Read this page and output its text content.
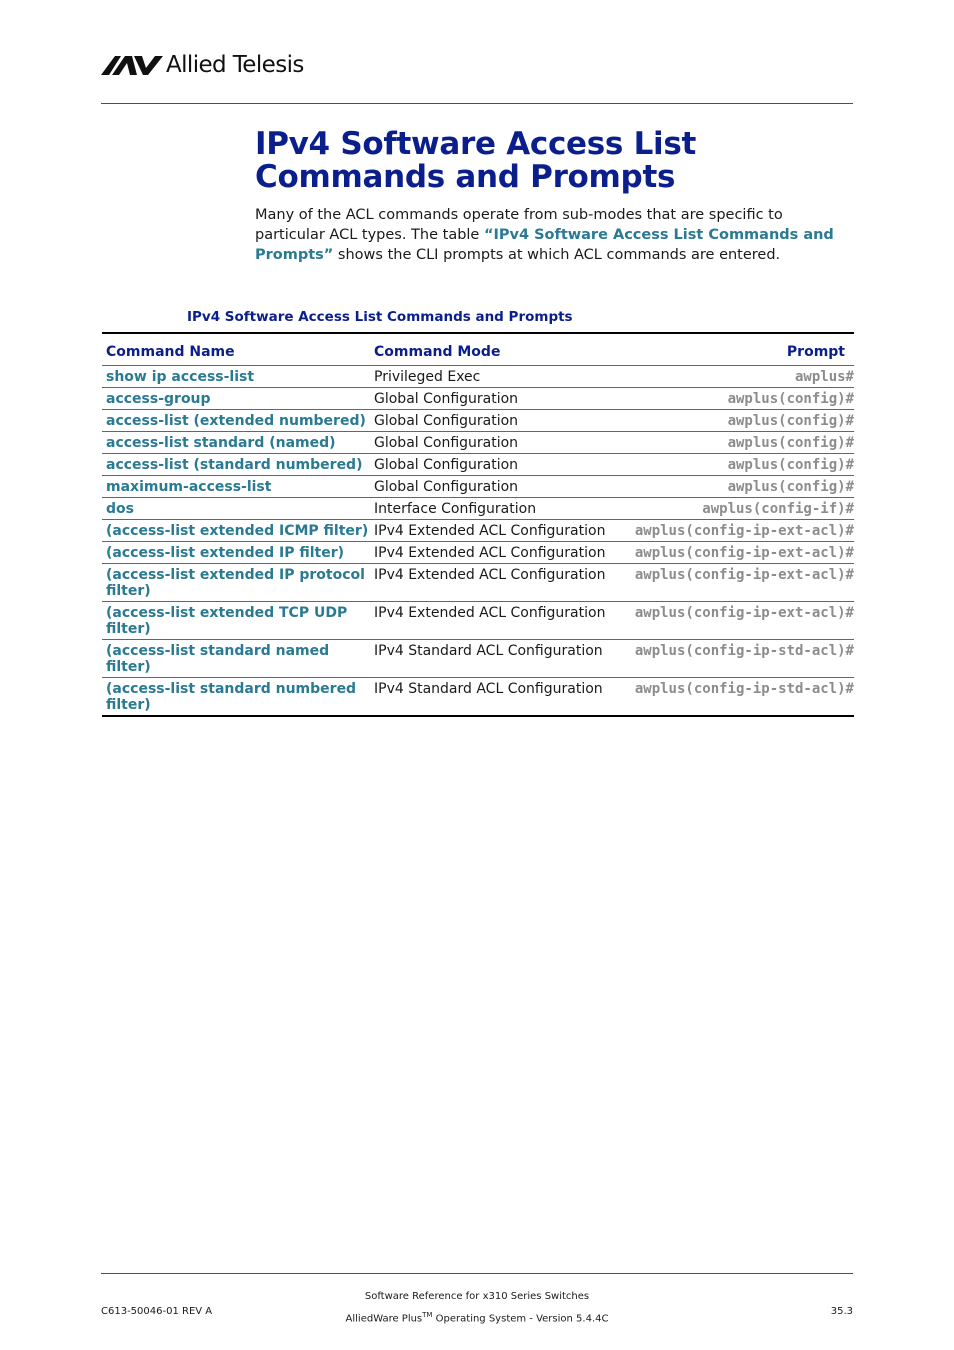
Allied Telesis
IPv4 Software Access List Commands and Prompts

Many of the ACL commands operate from sub-modes that are specific to particular ACL types. The table “IPv4 Software Access List Commands and Prompts” shows the CLI prompts at which ACL commands are entered.

IPv4 Software Access List Commands and Prompts

Command Name	Command Mode	Prompt
show ip access-list	Privileged Exec	awplus#
access-group	Global Configuration	awplus(config)#
access-list (extended numbered)	Global Configuration	awplus(config)#
access-list standard (named)	Global Configuration	awplus(config)#
access-list (standard numbered)	Global Configuration	awplus(config)#
maximum-access-list	Global Configuration	awplus(config)#
dos	Interface Configuration	awplus(config-if)#
(access-list extended ICMP filter)	IPv4 Extended ACL Configuration	awplus(config-ip-ext-acl)#
(access-list extended IP filter)	IPv4 Extended ACL Configuration	awplus(config-ip-ext-acl)#
(access-list extended IP protocol filter)	IPv4 Extended ACL Configuration	awplus(config-ip-ext-acl)#
(access-list extended TCP UDP filter)	IPv4 Extended ACL Configuration	awplus(config-ip-ext-acl)#
(access-list standard named filter)	IPv4 Standard ACL Configuration	awplus(config-ip-std-acl)#
(access-list standard numbered filter)	IPv4 Standard ACL Configuration	awplus(config-ip-std-acl)#
Software Reference for x310 Series Switches
AlliedWare Plus™ Operating System - Version 5.4.4C
C613-50046-01 REV A	35.3
